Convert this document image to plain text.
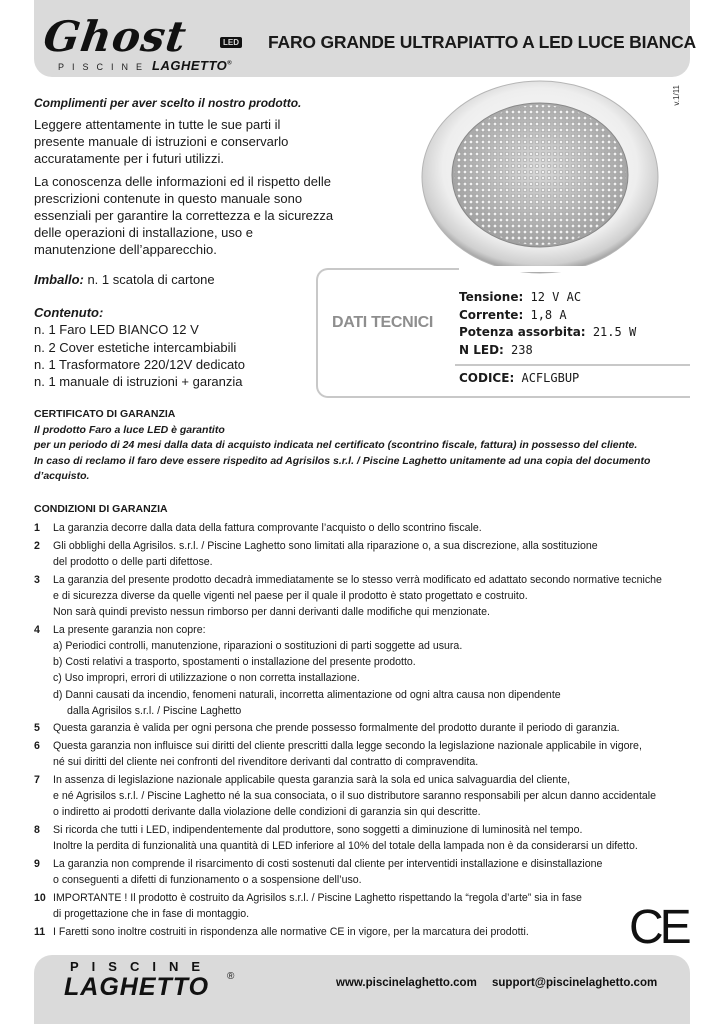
Ghost	LED
PISCINE LAGHETTO®
FARO GRANDE ULTRAPIATTO A LED LUCE BIANCA
v.1/11
Complimenti per aver scelto il nostro prodotto.

Leggere attentamente in tutte le sue parti il presente manuale di istruzioni e conservarlo accuratamente per i futuri utilizzi.

La conoscenza delle informazioni ed il rispetto delle prescrizioni contenute in questo manuale sono essenziali per garantire la correttezza e la sicurezza delle operazioni di installazione, uso e manutenzione dell’apparecchio.

Imballo: n. 1 scatola di cartone
Contenuto:
n. 1 Faro LED BIANCO 12 V
n. 2 Cover estetiche intercambiabili
n. 1 Trasformatore 220/12V dedicato
n. 1 manuale di istruzioni + garanzia
DATI TECNICI
Tensione: 12 V AC
Corrente: 1,8 A
Potenza assorbita: 21.5 W
N LED: 238
CODICE: ACFLGBUP
CERTIFICATO DI GARANZIA
Il prodotto Faro a luce LED è garantito
per un periodo di 24 mesi dalla data di acquisto indicata nel certificato (scontrino fiscale, fattura) in possesso del cliente.
In caso di reclamo il faro deve essere rispedito ad Agrisilos s.r.l. / Piscine Laghetto unitamente ad una copia del documento d’acquisto.
CONDIZIONI DI GARANZIA
1 La garanzia decorre dalla data della fattura comprovante l’acquisto o dello scontrino fiscale.
2 Gli obblighi della Agrisilos. s.r.l. / Piscine Laghetto sono limitati alla riparazione o, a sua discrezione, alla sostituzione
del prodotto o delle parti difettose.
3 La garanzia del presente prodotto decadrà immediatamente se lo stesso verrà modificato ed adattato secondo normative tecniche
e di sicurezza diverse da quelle vigenti nel paese per il quale il prodotto è stato progettato e costruito.
Non sarà quindi previsto nessun rimborso per danni derivanti dalle modifiche qui menzionate.
4 La presente garanzia non copre:
a) Periodici controlli, manutenzione, riparazioni o sostituzioni di parti soggette ad usura.
b) Costi relativi a trasporto, spostamenti o installazione del presente prodotto.
c) Uso impropri, errori di utilizzazione o non corretta installazione.
d) Danni causati da incendio, fenomeni naturali, incorretta alimentazione od ogni altra causa non dipendente
dalla Agrisilos s.r.l. / Piscine Laghetto
5 Questa garanzia è valida per ogni persona che prende possesso formalmente del prodotto durante il periodo di garanzia.
6 Questa garanzia non influisce sui diritti del cliente prescritti dalla legge secondo la legislazione nazionale applicabile in vigore,
né sui diritti del cliente nei confronti del rivenditore derivanti dal contratto di compravendita.
7 In assenza di legislazione nazionale applicabile questa garanzia sarà la sola ed unica salvaguardia del cliente,
e né Agrisilos s.r.l. / Piscine Laghetto né la sua consociata, o il suo distributore saranno responsabili per alcun danno accidentale
o indiretto ai prodotti derivante dalla violazione delle condizioni di garanzia sin qui descritte.
8 Si ricorda che tutti i LED, indipendentemente dal produttore, sono soggetti a diminuzione di luminosità nel tempo.
Inoltre la perdita di funzionalità una quantità di LED inferiore al 10% del totale della lampada non è da considerarsi un difetto.
9 La garanzia non comprende il risarcimento di costi sostenuti dal cliente per interventidi installazione e disinstallazione
o conseguenti a difetti di funzionamento o a sospensione dell’uso.
10 IMPORTANTE ! Il prodotto è costruito da Agrisilos s.r.l. / Piscine Laghetto rispettando la “regola d’arte” sia in fase
di progettazione che in fase di montaggio.
11 I Faretti sono inoltre costruiti in rispondenza alle normative CE in vigore, per la marcatura dei prodotti.	CE
PISCINE
LAGHETTO ®
www.piscinelaghetto.com support@piscinelaghetto.com
